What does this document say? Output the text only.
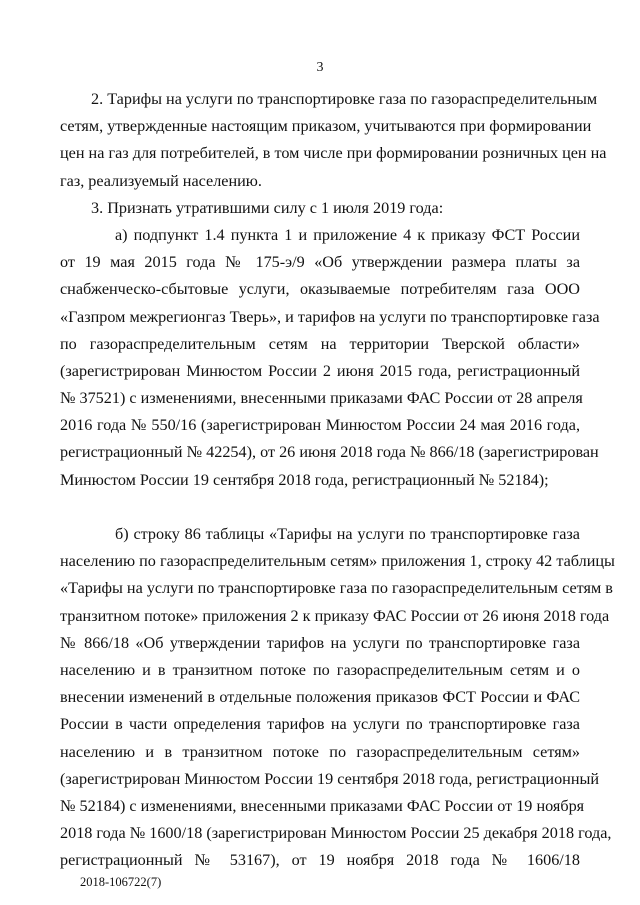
3
2. Тарифы на услуги по транспортировке газа по газораспределительным
сетям, утвержденные настоящим приказом, учитываются при формировании
цен на газ для потребителей, в том числе при формировании розничных цен на
газ, реализуемый населению.
3. Признать утратившими силу с 1 июля 2019 года:
а) подпункт 1.4 пункта 1 и приложение 4 к приказу ФСТ России
от 19 мая 2015 года № 175-э/9 «Об утверждении размера платы за
снабженческо-сбытовые услуги, оказываемые потребителям газа ООО
«Газпром межрегионгаз Тверь», и тарифов на услуги по транспортировке газа
по газораспределительным сетям на территории Тверской области»
(зарегистрирован Минюстом России 2 июня 2015 года, регистрационный
№ 37521) с изменениями, внесенными приказами ФАС России от 28 апреля
2016 года № 550/16 (зарегистрирован Минюстом России 24 мая 2016 года,
регистрационный № 42254), от 26 июня 2018 года № 866/18 (зарегистрирован
Минюстом России 19 сентября 2018 года, регистрационный № 52184);
б) строку 86 таблицы «Тарифы на услуги по транспортировке газа
населению по газораспределительным сетям» приложения 1, строку 42 таблицы
«Тарифы на услуги по транспортировке газа по газораспределительным сетям в
транзитном потоке» приложения 2 к приказу ФАС России от 26 июня 2018 года
№ 866/18 «Об утверждении тарифов на услуги по транспортировке газа
населению и в транзитном потоке по газораспределительным сетям и о
внесении изменений в отдельные положения приказов ФСТ России и ФАС
России в части определения тарифов на услуги по транспортировке газа
населению и в транзитном потоке по газораспределительным сетям»
(зарегистрирован Минюстом России 19 сентября 2018 года, регистрационный
№ 52184) с изменениями, внесенными приказами ФАС России от 19 ноября
2018 года № 1600/18 (зарегистрирован Минюстом России 25 декабря 2018 года,
регистрационный № 53167), от 19 ноября 2018 года № 1606/18
2018-106722(7)
